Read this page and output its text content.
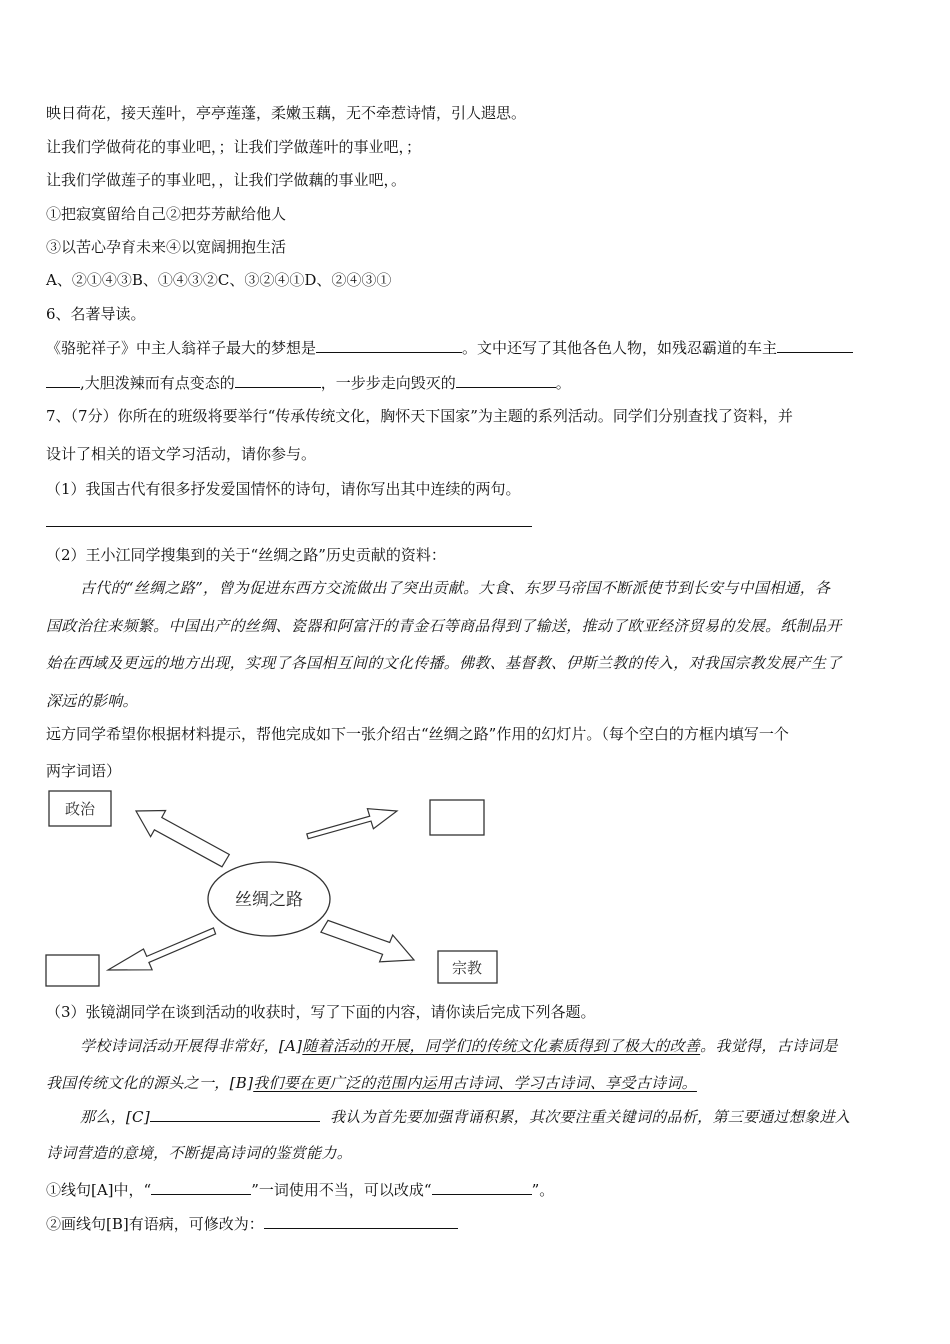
映日荷花，接天莲叶，亭亭莲蓬，柔嫩玉藕，无不牵惹诗情，引人遐思。
让我们学做荷花的事业吧，；让我们学做莲叶的事业吧，；
让我们学做莲子的事业吧，，让我们学做藕的事业吧，。
①把寂寞留给自己②把芬芳献给他人
③以苦心孕育未来④以宽阔拥抱生活
A、②①④③B、①④③②C、③②④①D、②④③①
6、名著导读。
《骆驼祥子》中主人翁祥子最大的梦想是	。文中还写了其他各色人物，如残忍霸道的车主
,大胆泼辣而有点变态的	，一步步走向毁灭的	。
7、（7分）你所在的班级将要举行“传承传统文化，胸怀天下国家”为主题的系列活动。同学们分别查找了资料，并
设计了相关的语文学习活动，请你参与。
（1）我国古代有很多抒发爱国情怀的诗句，请你写出其中连续的两句。
（2）王小江同学搜集到的关于“丝绸之路”历史贡献的资料：
古代的“丝绸之路”，曾为促进东西方交流做出了突出贡献。大食、东罗马帝国不断派使节到长安与中国相通，各
国政治往来频繁。中国出产的丝绸、瓷器和阿富汗的青金石等商品得到了输送，推动了欧亚经济贸易的发展。纸制品开
始在西域及更远的地方出现，实现了各国相互间的文化传播。佛教、基督教、伊斯兰教的传入，对我国宗教发展产生了
深远的影响。
远方同学希望你根据材料提示，帮他完成如下一张介绍古“丝绸之路”作用的幻灯片。（每个空白的方框内填写一个
两字词语）
政治
宗教
丝绸之路
（3）张镜湖同学在谈到活动的收获时，写了下面的内容，请你读后完成下列各题。
学校诗词活动开展得非常好，[A]随着活动的开展，同学们的传统文化素质得到了极大的改善。我觉得，古诗词是
我国传统文化的源头之一，[B]我们要在更广泛的范围内运用古诗词、学习古诗词、享受古诗词。
那么，[C]	我认为首先要加强背诵积累，其次要注重关键词的品析，第三要通过想象进入
诗词营造的意境，不断提高诗词的鉴赏能力。
①线句[A]中，“	”一词使用不当，可以改成“	”。
②画线句[B]有语病，可修改为：
